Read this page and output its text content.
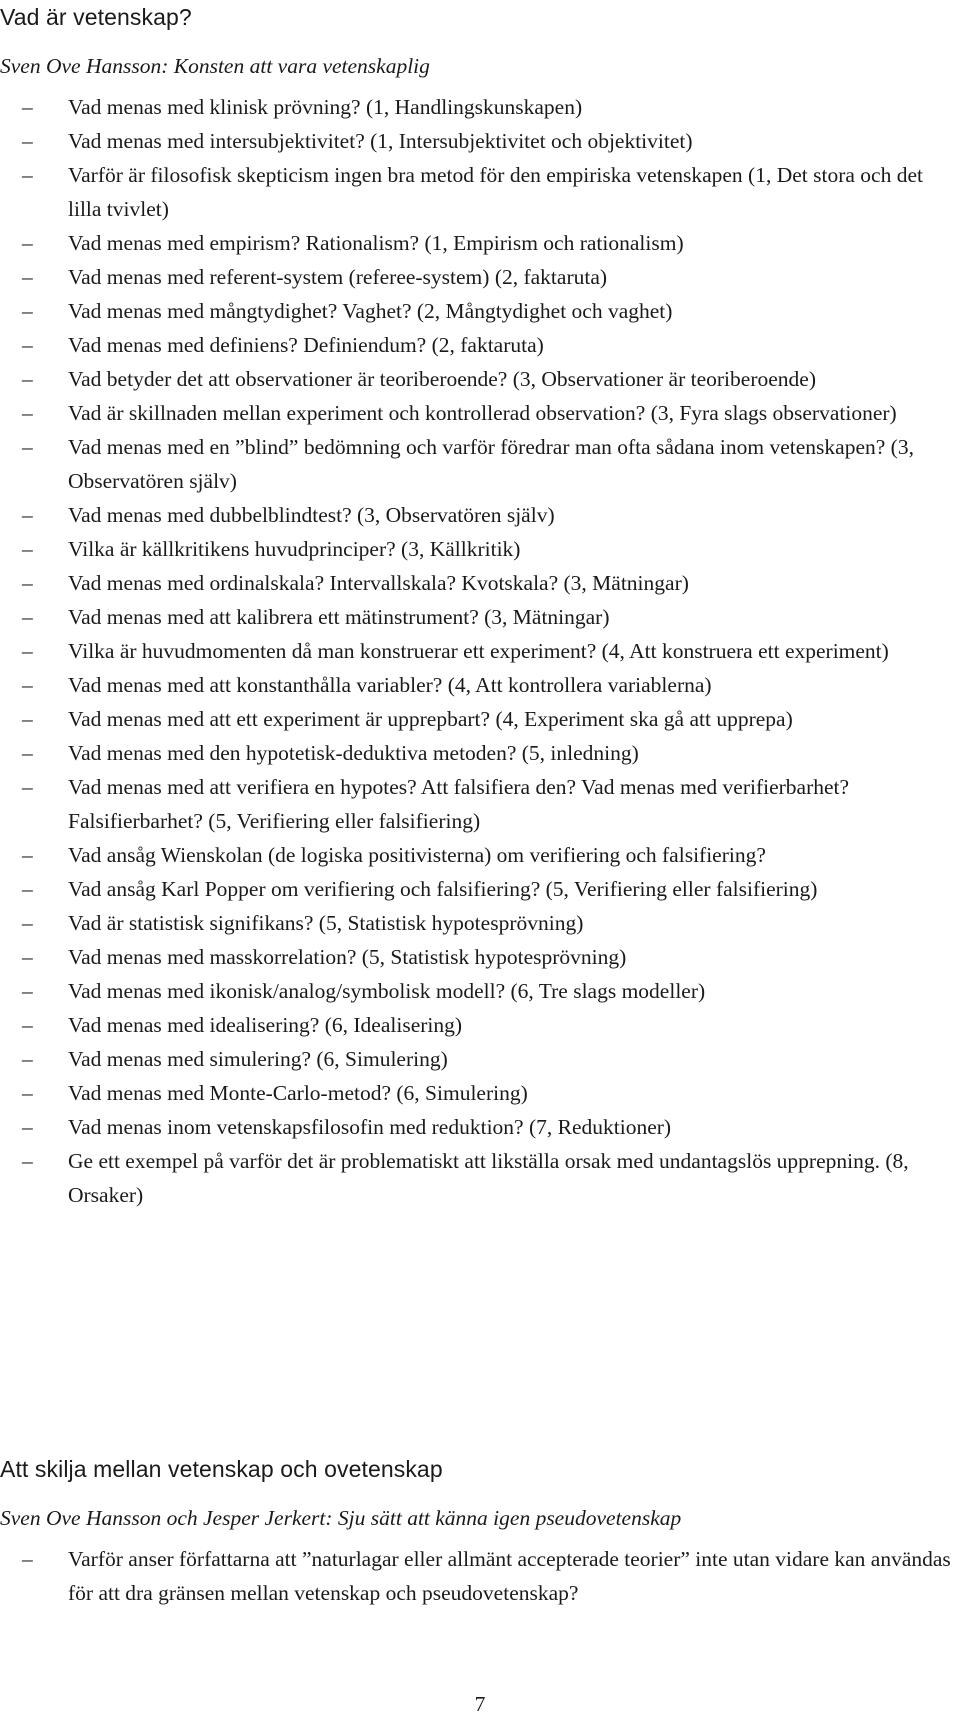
Vad är vetenskap?

Sven Ove Hansson: Konsten att vara vetenskaplig

– Vad menas med klinisk prövning? (1, Handlingskunskapen)
– Vad menas med intersubjektivitet? (1, Intersubjektivitet och objektivitet)
– Varför är filosofisk skepticism ingen bra metod för den empiriska vetenskapen (1, Det stora och det lilla tvivlet)
– Vad menas med empirism? Rationalism? (1, Empirism och rationalism)
– Vad menas med referent-system (referee-system) (2, faktaruta)
– Vad menas med mångtydighet? Vaghet? (2, Mångtydighet och vaghet)
– Vad menas med definiens? Definiendum? (2, faktaruta)
– Vad betyder det att observationer är teoriberoende? (3, Observationer är teoriberoende)
– Vad är skillnaden mellan experiment och kontrollerad observation? (3, Fyra slags observationer)
– Vad menas med en ”blind” bedömning och varför föredrar man ofta sådana inom vetenskapen? (3, Observatören själv)
– Vad menas med dubbelblindtest? (3, Observatören själv)
– Vilka är källkritikens huvudprinciper? (3, Källkritik)
– Vad menas med ordinalskala? Intervallskala? Kvotskala? (3, Mätningar)
– Vad menas med att kalibrera ett mätinstrument? (3, Mätningar)
– Vilka är huvudmomenten då man konstruerar ett experiment? (4, Att konstruera ett experiment)
– Vad menas med att konstanthålla variabler? (4, Att kontrollera variablerna)
– Vad menas med att ett experiment är upprepbart? (4, Experiment ska gå att upprepa)
– Vad menas med den hypotetisk-deduktiva metoden? (5, inledning)
– Vad menas med att verifiera en hypotes? Att falsifiera den? Vad menas med verifierbarhet? Falsifierbarhet? (5, Verifiering eller falsifiering)
– Vad ansåg Wienskolan (de logiska positivisterna) om verifiering och falsifiering?
– Vad ansåg Karl Popper om verifiering och falsifiering? (5, Verifiering eller falsifiering)
– Vad är statistisk signifikans? (5, Statistisk hypotesprövning)
– Vad menas med masskorrelation? (5, Statistisk hypotesprövning)
– Vad menas med ikonisk/analog/symbolisk modell? (6, Tre slags modeller)
– Vad menas med idealisering? (6, Idealisering)
– Vad menas med simulering? (6, Simulering)
– Vad menas med Monte-Carlo-metod? (6, Simulering)
– Vad menas inom vetenskapsfilosofin med reduktion? (7, Reduktioner)
– Ge ett exempel på varför det är problematiskt att likställa orsak med undantagslös upprepning. (8, Orsaker)
Att skilja mellan vetenskap och ovetenskap

Sven Ove Hansson och Jesper Jerkert: Sju sätt att känna igen pseudovetenskap

– Varför anser författarna att ”naturlagar eller allmänt accepterade teorier” inte utan vidare kan användas för att dra gränsen mellan vetenskap och pseudovetenskap?
7
